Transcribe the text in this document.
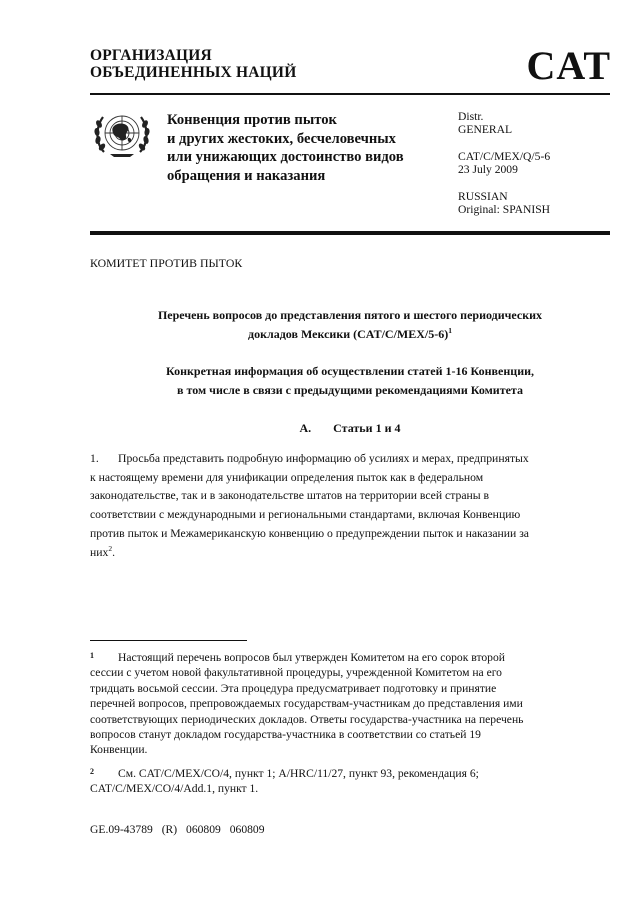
ОРГАНИЗАЦИЯ
ОБЪЕДИНЕННЫХ НАЦИЙ	CAT
Конвенция против пыток
и других жестоких, бесчеловечных
или унижающих достоинство видов
обращения и наказания
Distr.
GENERAL
CAT/C/MEX/Q/5-6
23 July 2009
RUSSIAN
Original: SPANISH
КОМИТЕТ ПРОТИВ ПЫТОК
Перечень вопросов до представления пятого и шестого периодических
докладов Мексики $(CAT/C/MEX/5-6)^1$
Конкретная информация об осуществлении статей 1-16 Конвенции,
в том числе в связи с предыдущими рекомендациями Комитета
A. Статьи 1 и 4
1. Просьба представить подробную информацию об усилиях и мерах, предпринятых
к настоящему времени для унификации определения пыток как в федеральном
законодательстве, так и в законодательстве штатов на территории всей страны в
соответствии с международными и региональными стандартами, включая Конвенцию
против пыток и Межамериканскую конвенцию о предупреждении пыток и наказании за
них$^2$.
1 Настоящий перечень вопросов был утвержден Комитетом на его сорок второй
сессии с учетом новой факультативной процедуры, учрежденной Комитетом на его
тридцать восьмой сессии. Эта процедура предусматривает подготовку и принятие
перечней вопросов, препровождаемых государствам-участникам до представления ими
соответствующих периодических докладов. Ответы государства-участника на перечень
вопросов станут докладом государства-участника в соответствии со статьей 19
Конвенции.
2 См. CAT/C/MEX/CO/4, пункт 1; A/HRC/11/27, пункт 93, рекомендация 6;
CAT/C/MEX/CO/4/Add.1, пункт 1.
GE.09-43789 (R) 060809 060809
